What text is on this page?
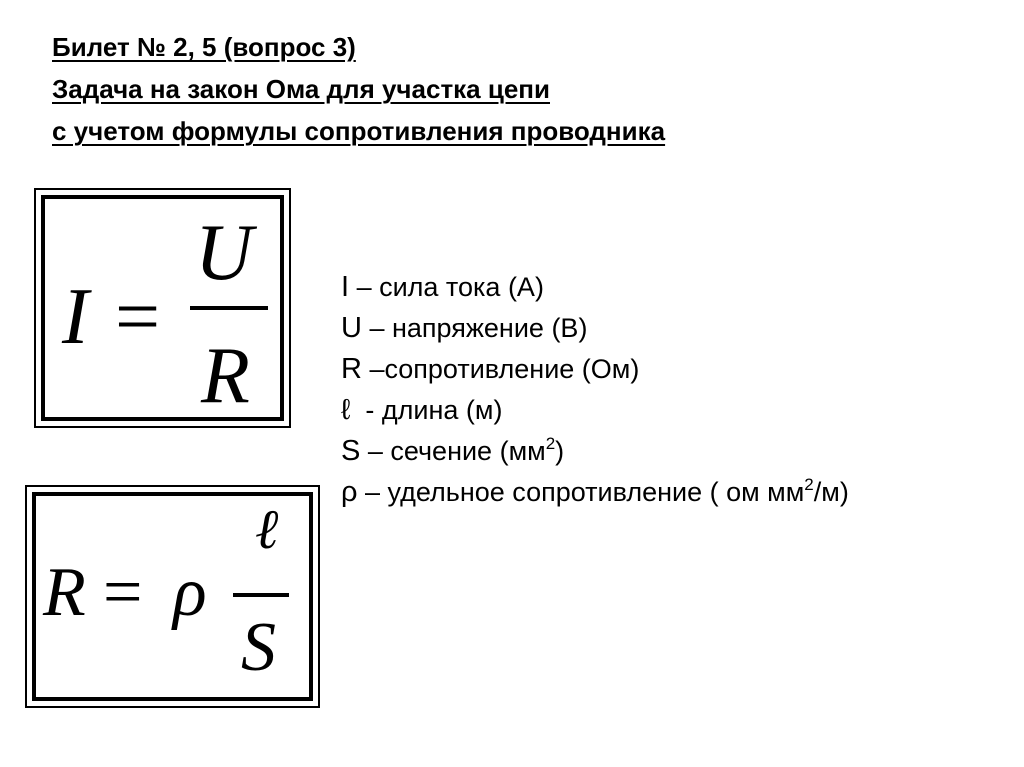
Билет № 2, 5 (вопрос 3)
Задача на закон Ома для участка цепи
с учетом формулы сопротивления проводника
I =
U
R
R = ρ
ℓ
S
I – сила тока (А)
U – напряжение (В)
R –сопротивление (Ом)
ℓ  - длина (м)
S – сечение $(мм^2)$
ρ – удельное сопротивление ( ом $мм^2/м$)
